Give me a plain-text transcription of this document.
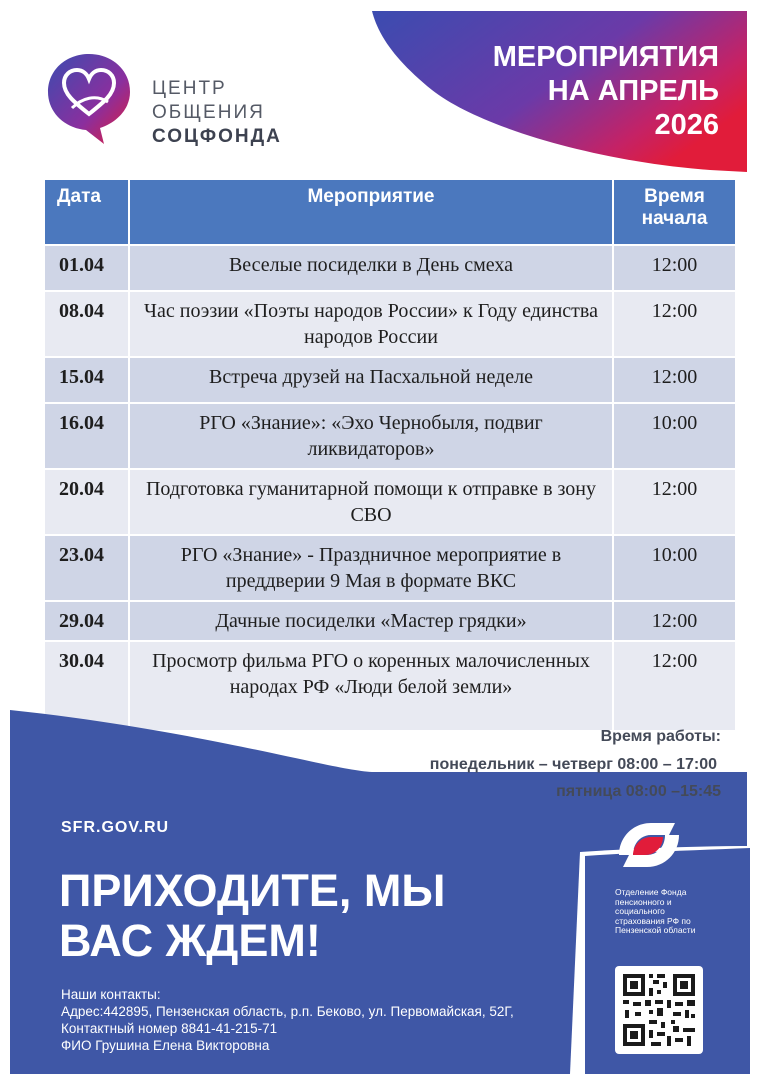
МЕРОПРИЯТИЯ
НА АПРЕЛЬ
2026
ЦЕНТР
ОБЩЕНИЯ
СОЦФОНДА
Дата	Мероприятие	Время начала
01.04	Веселые посиделки в День смеха	12:00
08.04	Час поэзии «Поэты народов России» к Году единства народов России	12:00
15.04	Встреча друзей на Пасхальной неделе	12:00
16.04	РГО «Знание»: «Эхо Чернобыля, подвиг ликвидаторов»	10:00
20.04	Подготовка гуманитарной помощи к отправке в зону СВО	12:00
23.04	РГО «Знание» - Праздничное мероприятие в преддверии 9 Мая в формате ВКС	10:00
29.04	Дачные посиделки «Мастер грядки»	12:00
30.04	Просмотр фильма РГО о коренных малочисленных народах РФ «Люди белой земли»	12:00
Время работы:
понедельник – четверг 08:00 – 17:00
пятница 08:00 –15:45
SFR.GOV.RU
ПРИХОДИТЕ, МЫ
ВАС ЖДЕМ!
Наши контакты:
Адрес:442895, Пензенская область, р.п. Беково, ул. Первомайская, 52Г,
Контактный номер 8841-41-215-71
ФИО Грушина Елена Викторовна
Отделение Фонда пенсионного и социального страхования РФ по Пензенской области
